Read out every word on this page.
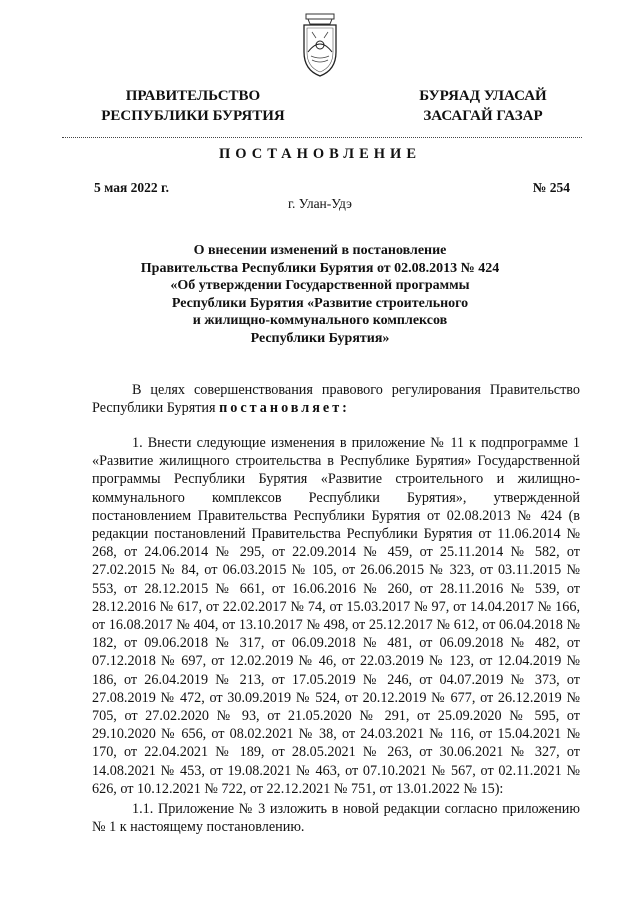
ПРАВИТЕЛЬСТВО
РЕСПУБЛИКИ БУРЯТИЯ
БУРЯАД УЛАСАЙ
ЗАСАГАЙ ГАЗАР
ПОСТАНОВЛЕНИЕ
5 мая 2022 г.	№ 254
г. Улан-Удэ
О внесении изменений в постановление
Правительства Республики Бурятия от 02.08.2013 № 424
«Об утверждении Государственной программы
Республики Бурятия «Развитие строительного
и жилищно-коммунального комплексов
Республики Бурятия»
В целях совершенствования правового регулирования Правительство Республики Бурятия постановляет:
1. Внести следующие изменения в приложение № 11 к подпрограмме 1 «Развитие жилищного строительства в Республике Бурятия» Государственной программы Республики Бурятия «Развитие строительного и жилищно-коммунального комплексов Республики Бурятия», утвержденной постановлением Правительства Республики Бурятия от 02.08.2013 № 424 (в редакции постановлений Правительства Республики Бурятия от 11.06.2014 № 268, от 24.06.2014 № 295, от 22.09.2014 № 459, от 25.11.2014 № 582, от 27.02.2015 № 84, от 06.03.2015 № 105, от 26.06.2015 № 323, от 03.11.2015 № 553, от 28.12.2015 № 661, от 16.06.2016 № 260, от 28.11.2016 № 539, от 28.12.2016 № 617, от 22.02.2017 № 74, от 15.03.2017 № 97, от 14.04.2017 № 166, от 16.08.2017 № 404, от 13.10.2017 № 498, от 25.12.2017 № 612, от 06.04.2018 № 182, от 09.06.2018 № 317, от 06.09.2018 № 481, от 06.09.2018 № 482, от 07.12.2018 № 697, от 12.02.2019 № 46, от 22.03.2019 № 123, от 12.04.2019 № 186, от 26.04.2019 № 213, от 17.05.2019 № 246, от 04.07.2019 № 373, от 27.08.2019 № 472, от 30.09.2019 № 524, от 20.12.2019 № 677, от 26.12.2019 № 705, от 27.02.2020 № 93, от 21.05.2020 № 291, от 25.09.2020 № 595, от 29.10.2020 № 656, от 08.02.2021 № 38, от 24.03.2021 № 116, от 15.04.2021 № 170, от 22.04.2021 № 189, от 28.05.2021 № 263, от 30.06.2021 № 327, от 14.08.2021 № 453, от 19.08.2021 № 463, от 07.10.2021 № 567, от 02.11.2021 № 626, от 10.12.2021 № 722, от 22.12.2021 № 751, от 13.01.2022 № 15):
1.1. Приложение № 3 изложить в новой редакции согласно приложению № 1 к настоящему постановлению.
